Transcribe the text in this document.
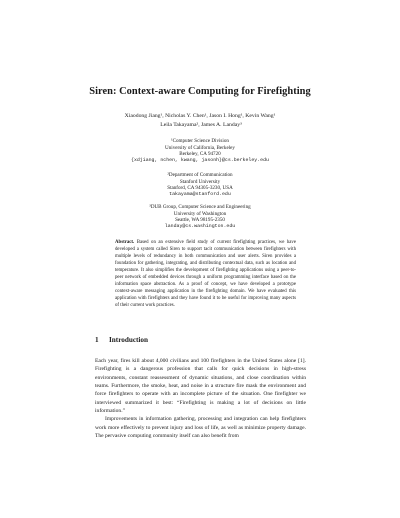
Siren: Context-aware Computing for Firefighting
Xiaodong Jiang¹, Nicholas Y. Chen¹, Jason I. Hong¹, Kevin Wang¹
Leila Takayama², James A. Landay³
¹Computer Science Division
University of California, Berkeley
Berkeley, CA 94720
{xdjiang, nchen, kwang, jasonh}@cs.berkeley.edu
²Department of Communication
Stanford University
Stanford, CA 94305-3230, USA
takayama@stanford.edu
³DUB Group, Computer Science and Engineering
University of Washington
Seattle, WA 98195-2350
landay@cs.washington.edu
Abstract. Based on an extensive field study of current firefighting practices, we have developed a system called Siren to support tacit communication between firefighters with multiple levels of redundancy in both communication and user alerts. Siren provides a foundation for gathering, integrating, and distributing contextual data, such as location and temperature. It also simplifies the development of firefighting applications using a peer-to-peer network of embedded devices through a uniform programming interface based on the information space abstraction. As a proof of concept, we have developed a prototype context-aware messaging application in the firefighting domain. We have evaluated this application with firefighters and they have found it to be useful for improving many aspects of their current work practices.
1 Introduction

Each year, fires kill about 4,000 civilians and 100 firefighters in the United States alone [1]. Firefighting is a dangerous profession that calls for quick decisions in high-stress environments, constant reassessment of dynamic situations, and close coordination within teams. Furthermore, the smoke, heat, and noise in a structure fire mask the environment and force firefighters to operate with an incomplete picture of the situation. One firefighter we interviewed summarized it best: “Firefighting is making a lot of decisions on little information.”

Improvements in information gathering, processing and integration can help firefighters work more effectively to prevent injury and loss of life, as well as minimize property damage. The pervasive computing community itself can also benefit from
